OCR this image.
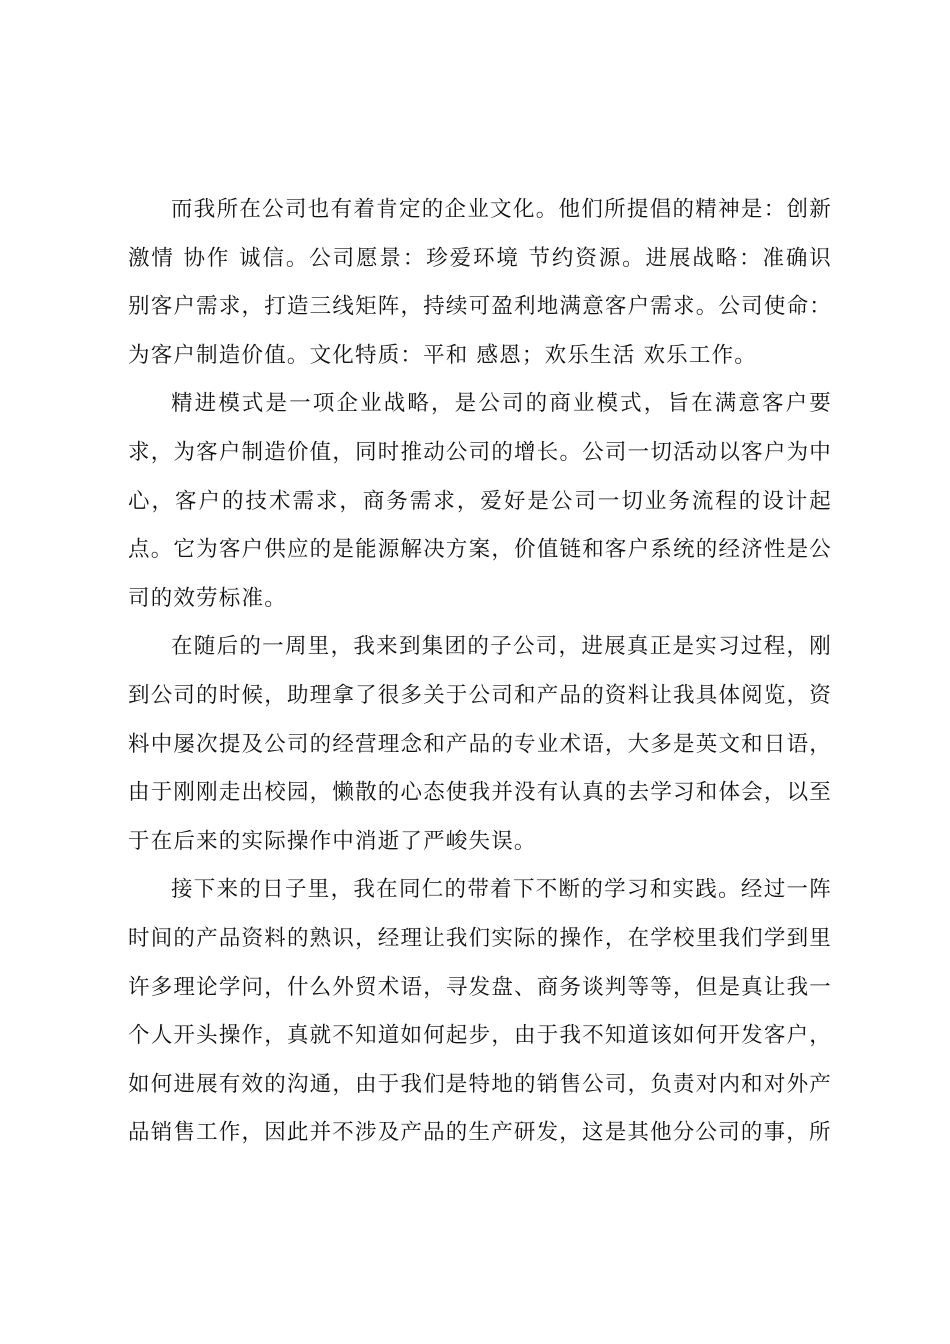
而我所在公司也有着肯定的企业文化。他们所提倡的精神是：创新激情 协作 诚信。公司愿景：珍爱环境 节约资源。进展战略：准确识别客户需求，打造三线矩阵，持续可盈利地满意客户需求。公司使命：为客户制造价值。文化特质：平和 感恩；欢乐生活 欢乐工作。

精进模式是一项企业战略，是公司的商业模式，旨在满意客户要求，为客户制造价值，同时推动公司的增长。公司一切活动以客户为中心，客户的技术需求，商务需求，爱好是公司一切业务流程的设计起点。它为客户供应的是能源解决方案，价值链和客户系统的经济性是公司的效劳标准。

在随后的一周里，我来到集团的子公司，进展真正是实习过程，刚到公司的时候，助理拿了很多关于公司和产品的资料让我具体阅览，资料中屡次提及公司的经营理念和产品的专业术语，大多是英文和日语，由于刚刚走出校园，懒散的心态使我并没有认真的去学习和体会，以至于在后来的实际操作中消逝了严峻失误。

接下来的日子里，我在同仁的带着下不断的学习和实践。经过一阵时间的产品资料的熟识，经理让我们实际的操作，在学校里我们学到里许多理论学问，什么外贸术语，寻发盘、商务谈判等等，但是真让我一个人开头操作，真就不知道如何起步，由于我不知道该如何开发客户，如何进展有效的沟通，由于我们是特地的销售公司，负责对内和对外产品销售工作，因此并不涉及产品的生产研发，这是其他分公司的事，所
